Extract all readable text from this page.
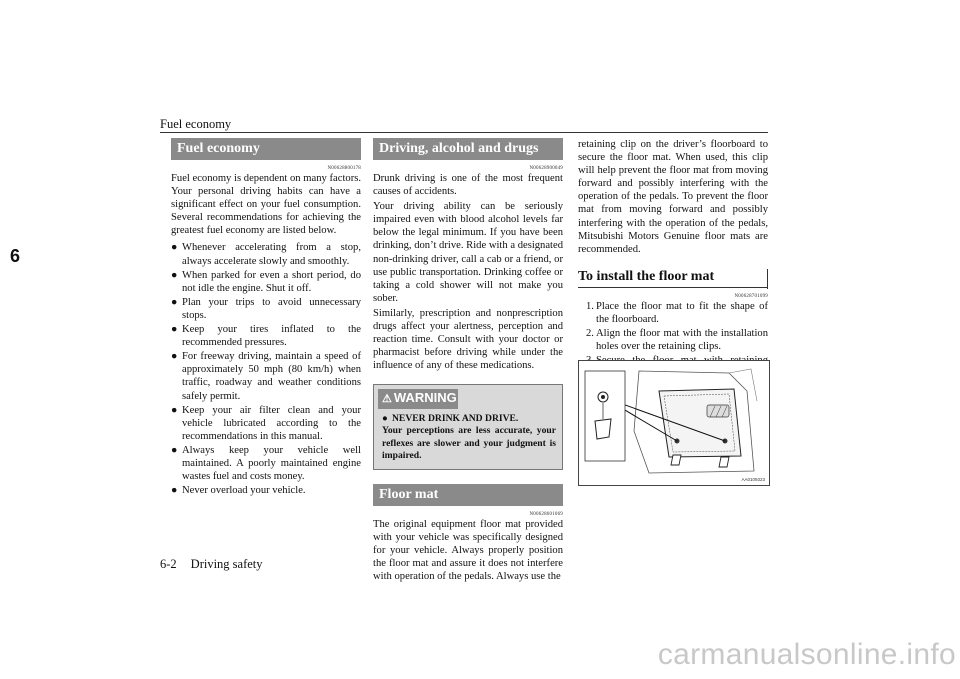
Fuel economy
6
Fuel economy
N00628800178

Fuel economy is dependent on many factors. Your personal driving habits can have a significant effect on your fuel consumption. Several recommendations for achieving the greatest fuel economy are listed below.

● Whenever accelerating from a stop, always accelerate slowly and smoothly.
● When parked for even a short period, do not idle the engine. Shut it off.
● Plan your trips to avoid unnecessary stops.
● Keep your tires inflated to the recommended pressures.
● For freeway driving, maintain a speed of approximately 50 mph (80 km/h) when traffic, roadway and weather conditions safely permit.
● Keep your air filter clean and your vehicle lubricated according to the recommendations in this manual.
● Always keep your vehicle well maintained. A poorly maintained engine wastes fuel and costs money.
● Never overload your vehicle.
Driving, alcohol and drugs
N00628900049

Drunk driving is one of the most frequent causes of accidents.

Your driving ability can be seriously impaired even with blood alcohol levels far below the legal minimum. If you have been drinking, don’t drive. Ride with a designated non-drinking driver, call a cab or a friend, or use public transportation. Drinking coffee or taking a cold shower will not make you sober.

Similarly, prescription and nonprescription drugs affect your alertness, perception and reaction time. Consult with your doctor or pharmacist before driving while under the influence of any of these medications.

⚠ WARNING
● NEVER DRINK AND DRIVE.
Your perceptions are less accurate, your reflexes are slower and your judgment is impaired.
Floor mat
N00628601069

The original equipment floor mat provided with your vehicle was specifically designed for your vehicle. Always properly position the floor mat and assure it does not interfere with operation of the pedals. Always use the

retaining clip on the driver’s floorboard to secure the floor mat. When used, this clip will help prevent the floor mat from moving forward and possibly interfering with the operation of the pedals. To prevent the floor mat from moving forward and possibly interfering with the operation of the pedals, Mitsubishi Motors Genuine floor mats are recommended.

To install the floor mat
N00628701099
1. Place the floor mat to fit the shape of the floorboard.
2. Align the floor mat with the installation holes over the retaining clips.
AA0109323
6-2 Driving safety
carmanualsonline.info
